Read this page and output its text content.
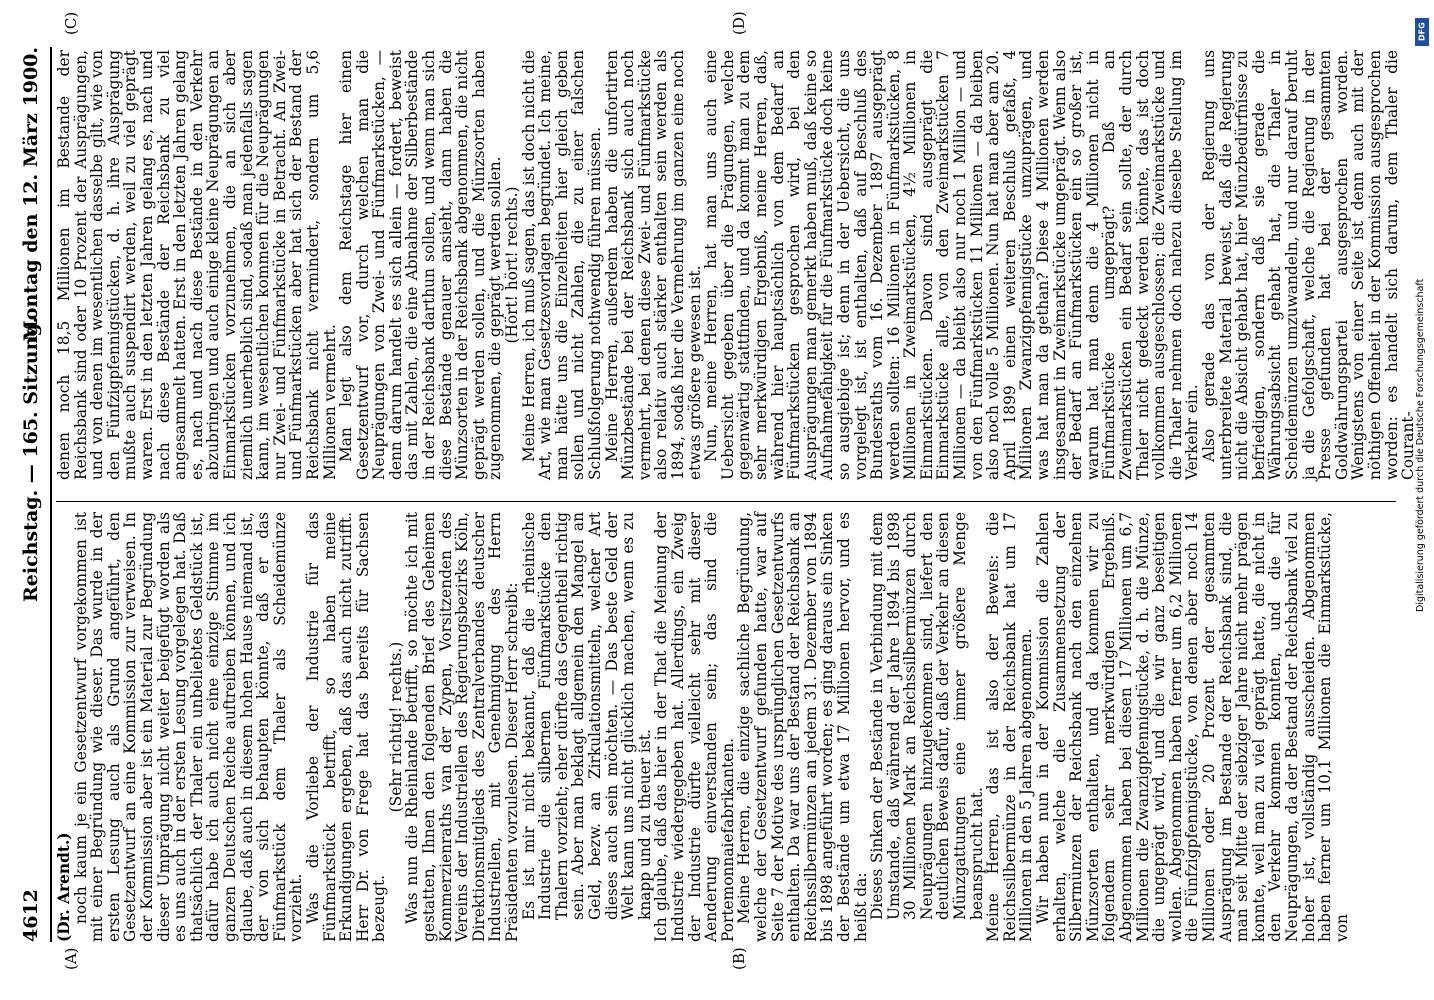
DFG
Digitalisierung gefördert durch die Deutsche Forschungsgemeinschaft
4612
Reichstag. — 165. Sitzung.
Montag den 12. März 1900.
(A)	(B)
(C)	(D)

(Dr. Arendt.)

noch kaum je ein Gesetzentwurf vorgekommen ist mit einer Begründung wie dieser. Das wurde in der ersten Lesung auch als Grund angeführt, den Gesetzentwurf an eine Kommission zur verweisen. In der Kommission aber ist ein Material zur Begründung dieser Umprägung nicht weiter beigefügt worden als es uns auch in der ersten Lesung vorgelegen hat. Daß thatsächlich der Thaler ein unbeliebtes Geldstück ist, dafür habe ich auch nicht eine einzige Stimme im ganzen Deutschen Reiche auftreiben können, und ich glaube, daß auch in diesem hohen Hause niemand ist, der von sich behaupten könnte, daß er das Fünfmarkstück dem Thaler als Scheidemünze vorzieht.

Was die Vorliebe der Industrie für das Fünfmarkstück betrifft, so haben meine Erkundigungen ergeben, daß das auch nicht zutrifft. Herr Dr. von Frege hat das bereits für Sachsen bezeugt.

(Sehr richtig! rechts.)

Was nun die Rheinlande betrifft, so möchte ich mit gestatten, Ihnen den folgenden Brief des Geheimen Kommerzienraths van der Zypen, Vorsitzenden des Vereins der Industriellen des Regierungsbezirks Köln, Direktionsmitglieds des Zentralverbandes deutscher Industriellen, mit Genehmigung des Herrn Präsidenten vorzulesen. Dieser Herr schreibt:

Es ist mir nicht bekannt, daß die rheinische Industrie die silbernen Fünfmarkstücke den Thalern vorzieht; eher dürfte das Gegentheil richtig sein. Aber man beklagt allgemein den Mangel an Geld, bezw. an Zirkulationsmitteln, welcher Art dieses auch sein möchten. — Das beste Geld der Welt kann uns nicht glücklich machen, wenn es zu knapp und zu theuer ist.

Ich glaube, daß das hier in der That die Meinung der Industrie wiedergegeben hat. Allerdings, ein Zweig der Industrie dürfte vielleicht sehr mit dieser Aenderung einverstanden sein; das sind die Portemonnaiefabrikanten.

Meine Herren, die einzige sachliche Begründung, welche der Gesetzentwurf gefunden hatte, war auf Seite 7 der Motive des ursprünglichen Gesetzentwurfs enthalten. Da war uns der Bestand der Reichsbank an Reichssilbermünzen an jedem 31. Dezember von 1894 bis 1898 angeführt worden; es ging daraus ein Sinken der Bestände um etwa 17 Millionen hervor, und es heißt da:

Dieses Sinken der Bestände in Verbindung mit dem Umstande, daß während der Jahre 1894 bis 1898 30 Millionen Mark an Reichssilbermünzen durch Neuprägungen hinzugekommen sind, liefert den deutlichen Beweis dafür, daß der Verkehr an diesen Münzgattungen eine immer größere Menge beansprucht hat.

Meine Herren, das ist also der Beweis: die Reichssilbermünze in der Reichsbank hat um 17 Millionen in den 5 Jahren abgenommen.

Wir haben nun in der Kommission die Zahlen erhalten, welche die Zusammensetzung der Silbermünzen der Reichsbank nach den einzelnen Münzsorten enthalten, und da kommen wir zu folgendem sehr merkwürdigen Ergebniß. Abgenommen haben bei diesen 17 Millionen um 6,7 Millionen die Zwanzigpfennigstücke, d. h. die Münze, die ungeprägt wird, und die wir ganz beseitigen wollen. Abgenommen haben ferner um 6,2 Millionen die Fünfzigpfennigstücke, von denen aber noch 14 Millionen oder 20 Prozent der gesammten Ausprägung im Bestande der Reichsbank sind, die man seit Mitte der siebziger Jahre nicht mehr prägen konnte, weil man zu viel geprägt hatte, die nicht in den Verkehr kommen konnten, und die für Neuprägungen, da der Bestand der Reichsbank viel zu hoher ist, vollständig ausscheiden. Abgenommen haben ferner um 10,1 Millionen die Einmarkstücke, von

denen noch 18,5 Millionen im Bestande der Reichsbank sind oder 10 Prozent der Ausprägungen, und von denen im wesentlichen dasselbe gilt, wie von den Fünfzigpfennigstücken, d. h. ihre Ausprägung mußte auch suspendirt werden, weil zu viel geprägt waren. Erst in den letzten Jahren gelang es, nach und nach diese Bestände der Reichsbank zu viel angesammelt hatten. Erst in den letzten Jahren gelang es, nach und nach diese Bestände in den Verkehr abzubringen und auch einige kleine Neuprägungen an Einmarkstücken vorzunehmen, die an sich aber ziemlich unerheblich sind, sodaß man jedenfalls sagen kann, im wesentlichen kommen für die Neuprägungen nur Zwei- und Fünfmarkstücke in Betracht. An Zwei- und Fünfmarkstücken aber hat sich der Bestand der Reichsbank nicht vermindert, sondern um 5,6 Millionen vermehrt.

Man legt also dem Reichstage hier einen Gesetzentwurf vor, durch welchen man die Neuprägungen von Zwei- und Fünfmarkstücken, — denn darum handelt es sich allein — fordert, beweist das mit Zahlen, die eine Abnahme der Silberbestände in der Reichsbank darthun sollen, und wenn man sich diese Bestände genauer ansieht, dann haben die Münzsorten in der Reichsbank abgenommen, die nicht geprägt werden sollen, und die Münzsorten haben zugenommen, die geprägt werden sollen.

(Hört! hört! rechts.)

Meine Herren, ich muß sagen, das ist doch nicht die Art, wie man Gesetzesvorlagen begründet. Ich meine, man hätte uns die Einzelheiten hier gleich geben sollen und nicht Zahlen, die zu einer falschen Schlußfolgerung nothwendig führen müssen.

Meine Herren, außerdem haben die unfortirten Münzbestände bei der Reichsbank sich auch noch vermehrt, bei denen diese Zwei- und Fünfmarkstücke also relativ auch stärker enthalten sein werden als 1894, sodaß hier die Vermehrung im ganzen eine noch etwas größere gewesen ist.

Nun, meine Herren, hat man uns auch eine Uebersicht gegeben über die Prägungen, welche gegenwärtig stattfinden, und da kommt man zu dem sehr merkwürdigen Ergebniß, meine Herren, daß, während hier hauptsächlich von dem Bedarf an Fünfmarkstücken gesprochen wird, bei den Ausprägungen man gemerkt haben muß, daß keine so Aufnahmefähigkeit für die Fünfmarkstücke doch keine so ausgiebige ist; denn in der Uebersicht, die uns vorgelegt ist, ist enthalten, daß auf Beschluß des Bundesraths vom 16. Dezember 1897 ausgeprägt werden sollten: 16 Millionen in Fünfmarkstücken, 8 Millionen in Zweimarkstücken, 4½ Millionen in Einmarkstücken. Davon sind ausgeprägt die Einmarkstücke alle, von den Zweimarkstücken 7 Millionen — da bleibt also nur noch 1 Million — und von den Fünfmarkstücken 11 Millionen — da bleiben also noch volle 5 Millionen. Nun hat man aber am 20. April 1899 einen weiteren Beschluß gefaßt, 4 Millionen Zwanzigpfennigstücke umzuprägen, und was hat man da gethan? Diese 4 Millionen werden insgesammt in Zweimarkstücke umgeprägt. Wenn also der Bedarf an Fünfmarkstücken ein so großer ist, warum hat man denn die 4 Millionen nicht in Fünfmarkstücke umgeprägt? Daß an Zweimarkstücken ein Bedarf sein sollte, der durch Thaler nicht gedeckt werden könnte, das ist doch vollkommen ausgeschlossen; die Zweimarkstücke und die Thaler nehmen doch nahezu dieselbe Stellung im Verkehr ein.

Also gerade das von der Regierung uns unterbreitete Material beweist, daß die Regierung nicht die Absicht gehabt hat, hier Münzbedürfnisse zu befriedigen, sondern daß sie gerade die Währungsabsicht gehabt hat, die Thaler in Scheidemünzen umzuwandeln, und nur darauf beruht ja die Gefolgschaft, welche die Regierung in der Presse gefunden hat bei der gesammten Goldwährungspartei ausgesprochen worden. Wenigstens von einer Seite ist denn auch mit der nöthigen Offenheit in der Kommission ausgesprochen worden: es handelt sich darum, dem Thaler die Courant-
